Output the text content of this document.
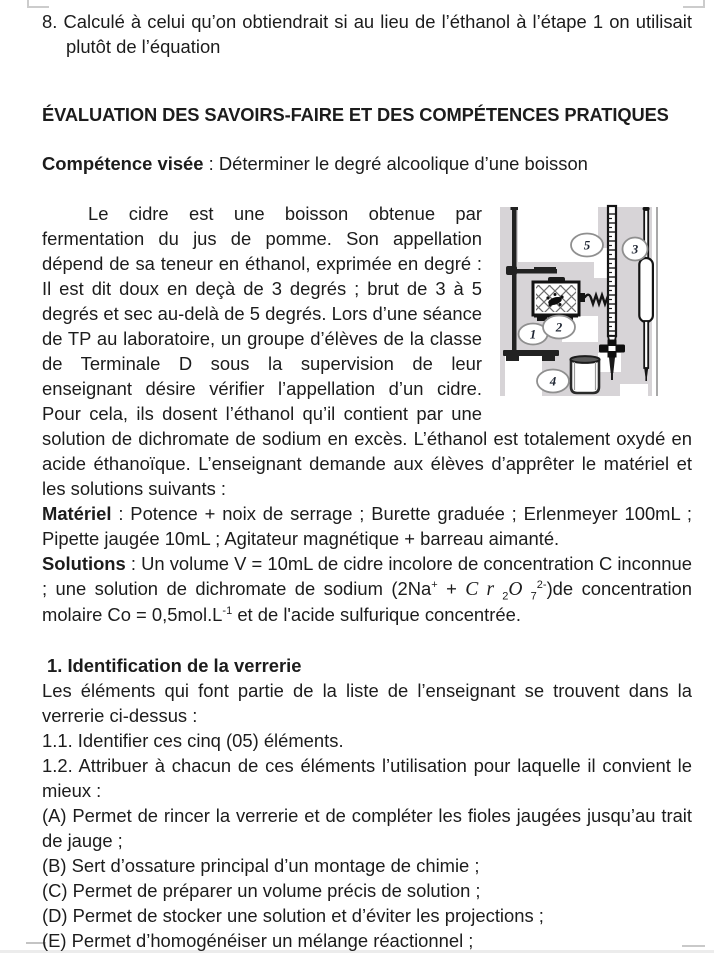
8. Calculé à celui qu’on obtiendrait si au lieu de l’éthanol à l’étape 1 on utilisait plutôt de l’équation
ÉVALUATION DES SAVOIRS-FAIRE ET DES COMPÉTENCES PRATIQUES

Compétence visée : Déterminer le degré alcoolique d’une boisson

1 2
3
4
5

Le cidre est une boisson obtenue par fermentation du jus de pomme. Son appellation dépend de sa teneur en éthanol, exprimée en degré : Il est dit doux en deçà de 3 degrés ; brut de 3 à 5 degrés et sec au-delà de 5 degrés. Lors d’une séance de TP au laboratoire, un groupe d’élèves de la classe de Terminale D sous la supervision de leur enseignant désire vérifier l’appellation d’un cidre. Pour cela, ils dosent l’éthanol qu’il contient par une solution de dichromate de sodium en excès. L’éthanol est totalement oxydé en acide éthanoïque. L’enseignant demande aux élèves d’apprêter le matériel et les solutions suivants :

Matériel : Potence + noix de serrage ; Burette graduée ; Erlenmeyer 100mL ; Pipette jaugée 10mL ; Agitateur magnétique + barreau aimanté.

Solutions : Un volume V = 10mL de cidre incolore de concentration C inconnue ; une solution de dichromate de sodium (2Na+ + C r $_2$O $_7^{2-}$)de concentration molaire $Co = 0,5mol.L^{-1}$ et de l'acide sulfurique concentrée.

1. Identification de la verrerie

Les éléments qui font partie de la liste de l’enseignant se trouvent dans la verrerie ci-dessus :

1.1. Identifier ces cinq (05) éléments.

1.2. Attribuer à chacun de ces éléments l’utilisation pour laquelle il convient le mieux :

(A) Permet de rincer la verrerie et de compléter les fioles jaugées jusqu’au trait de jauge ;

(B) Sert d’ossature principal d’un montage de chimie ;

(C) Permet de préparer un volume précis de solution ;

(D) Permet de stocker une solution et d’éviter les projections ;

(E) Permet d’homogénéiser un mélange réactionnel ;
